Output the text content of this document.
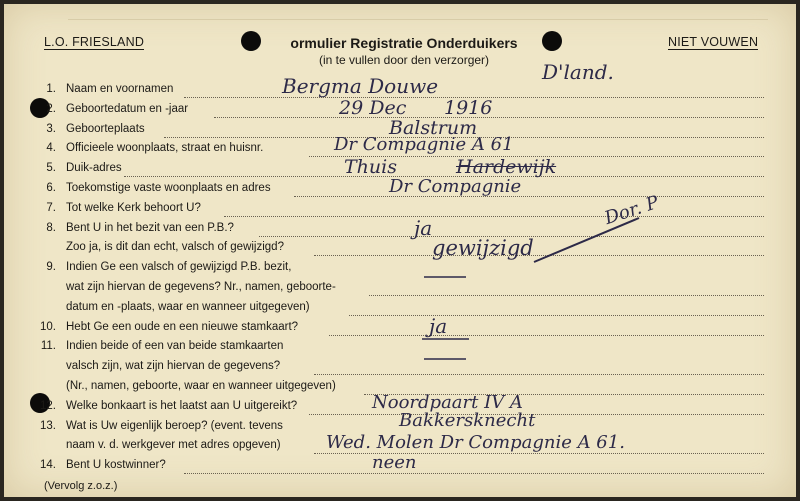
L.O. FRIESLAND	ormulier Registratie Onderduikers
(in te vullen door den verzorger)
NIET VOUWEN
1. Naam en voornamen
2. Geboortedatum en -jaar
3. Geboorteplaats
4. Officieele woonplaats, straat en huisnr.
5. Duik-adres
6. Toekomstige vaste woonplaats en adres
7. Tot welke Kerk behoort U?
8. Bent U in het bezit van een P.B.?
Zoo ja, is dit dan echt, valsch of gewijzigd?
9. Indien Ge een valsch of gewijzigd P.B. bezit,
wat zijn hiervan de gegevens? Nr., namen, geboorte-
datum en -plaats, waar en wanneer uitgegeven)
10. Hebt Ge een oude en een nieuwe stamkaart?
11. Indien beide of een van beide stamkaarten
valsch zijn, wat zijn hiervan de gegevens?
(Nr., namen, geboorte, waar en wanneer uitgegeven)
12. Welke bonkaart is het laatst aan U uitgereikt?
13. Wat is Uw eigenlijk beroep? (event. tevens
naam v. d. werkgever met adres opgeven)
14. Bent U kostwinner?
D'land.
Bergma Douwe
29 Dec 1916
Balstrum
Dr Compagnie A 61
Thuis	Hardewijk
Dr Compagnie
ja
gewijzigd
Dor. P
ja
Noordpaart IV A
Bakkersknecht
Wed. Molen Dr Compagnie A 61.
neen
(Vervolg z.o.z.)
